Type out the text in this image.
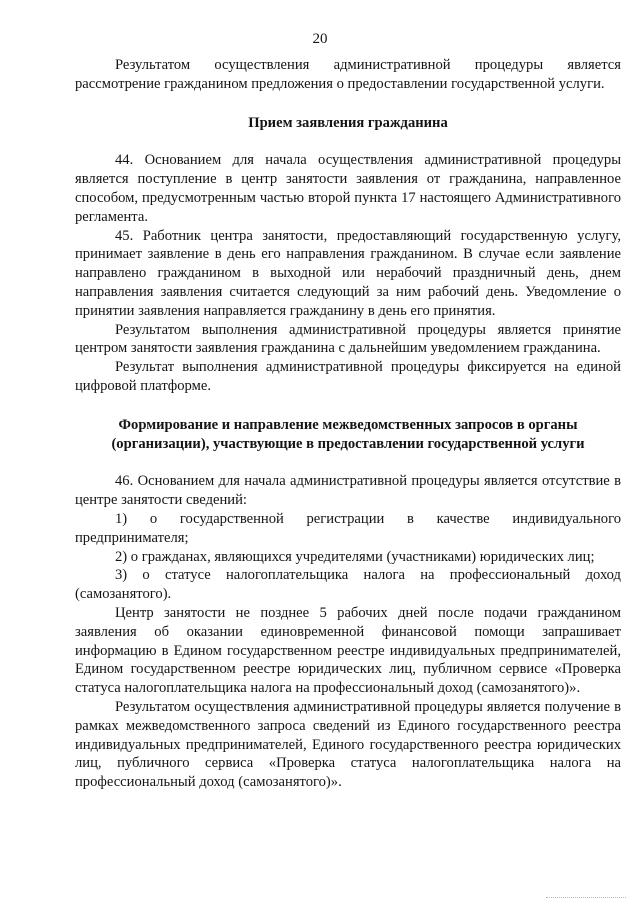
20

Результатом осуществления административной процедуры является рассмотрение гражданином предложения о предоставлении государственной услуги.

Прием заявления гражданина

44. Основанием для начала осуществления административной процедуры является поступление в центр занятости заявления от гражданина, направленное способом, предусмотренным частью второй пункта 17 настоящего Административного регламента.

45. Работник центра занятости, предоставляющий государственную услугу, принимает заявление в день его направления гражданином. В случае если заявление направлено гражданином в выходной или нерабочий праздничный день, днем направления заявления считается следующий за ним рабочий день. Уведомление о принятии заявления направляется гражданину в день его принятия.

Результатом выполнения административной процедуры является принятие центром занятости заявления гражданина с дальнейшим уведомлением гражданина.

Результат выполнения административной процедуры фиксируется на единой цифровой платформе.

Формирование и направление межведомственных запросов в органы
(организации), участвующие в предоставлении государственной услуги

46. Основанием для начала административной процедуры является отсутствие в центре занятости сведений:

1) о государственной регистрации в качестве индивидуального предпринимателя;

2) о гражданах, являющихся учредителями (участниками) юридических лиц;

3) о статусе налогоплательщика налога на профессиональный доход (самозанятого).

Центр занятости не позднее 5 рабочих дней после подачи гражданином заявления об оказании единовременной финансовой помощи запрашивает информацию в Едином государственном реестре индивидуальных предпринимателей, Едином государственном реестре юридических лиц, публичном сервисе «Проверка статуса налогоплательщика налога на профессиональный доход (самозанятого)».

Результатом осуществления административной процедуры является получение в рамках межведомственного запроса сведений из Единого государственного реестра индивидуальных предпринимателей, Единого государственного реестра юридических лиц, публичного сервиса «Проверка статуса налогоплательщика налога на профессиональный доход (самозанятого)».
